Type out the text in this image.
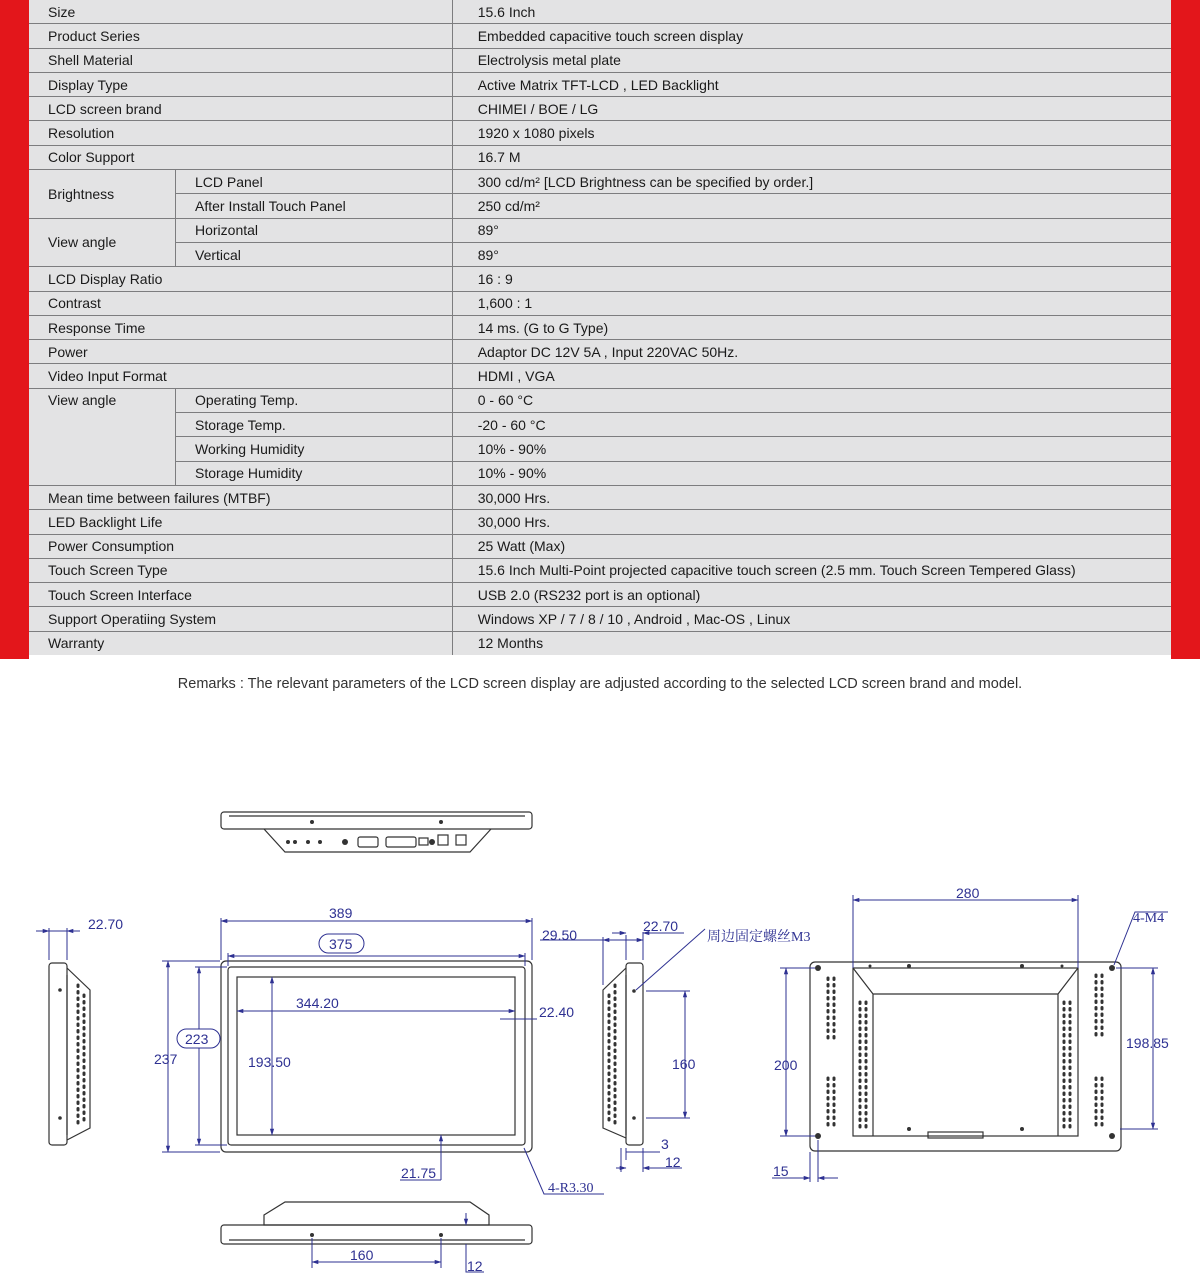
Size		15.6 Inch
Product Series		Embedded capacitive touch screen display
Shell Material		Electrolysis metal plate
Display Type		Active Matrix TFT-LCD , LED Backlight
LCD screen brand		CHIMEI / BOE / LG
Resolution		1920 x 1080 pixels
Color Support		16.7 M
Brightness	LCD Panel	300 cd/m² [LCD Brightness can be specified by order.]
	After Install Touch Panel	250 cd/m²
View angle	Horizontal	89°
	Vertical	89°
LCD Display Ratio		16 : 9
Contrast		1,600 : 1
Response Time		14 ms. (G to G Type)
Power		Adaptor DC 12V 5A , Input 220VAC 50Hz.
Video Input Format		HDMI , VGA
View angle	Operating Temp.	0 - 60 °C
	Storage Temp.	-20 - 60 °C
	Working Humidity	10% - 90%
	Storage Humidity	10% - 90%
Mean time between failures (MTBF)		30,000 Hrs.
LED Backlight Life		30,000 Hrs.
Power Consumption		25 Watt (Max)
Touch Screen Type		15.6 Inch Multi-Point projected capacitive touch screen (2.5 mm. Touch Screen Tempered Glass)
Touch Screen Interface		USB 2.0 (RS232 port is an optional)
Support Operatiing System		Windows XP / 7 / 8 / 10 , Android , Mac-OS , Linux
Warranty		12 Months
Remarks : The relevant parameters of the LCD screen display are adjusted according to the selected LCD screen brand and model.
22.70
389
375
344.20
237
223
193.50
22.40
21.75
4-R3.30
29.50
22.70
周边固定螺丝M3
160
3
12
160
12
280
4-M4
200
198.85
15
